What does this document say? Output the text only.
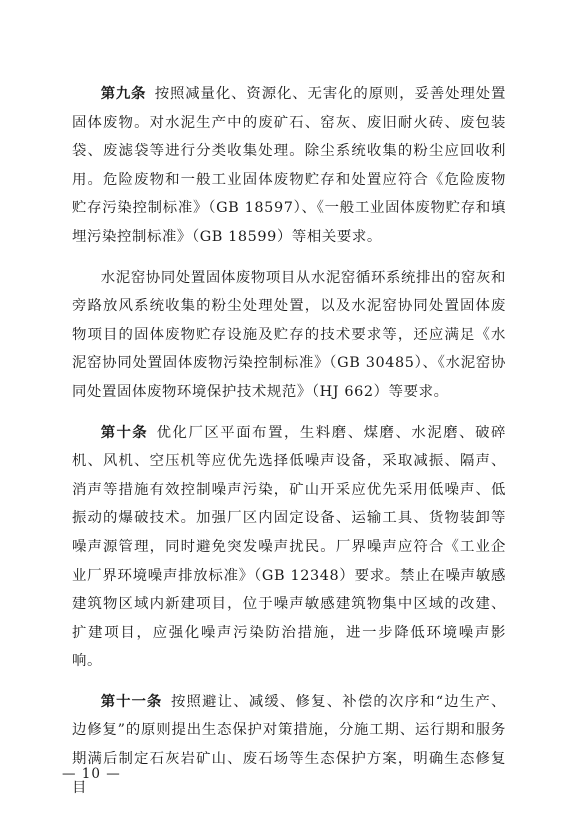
第九条 按照减量化、资源化、无害化的原则，妥善处理处置固体废物。对水泥生产中的废矿石、窑灰、废旧耐火砖、废包装袋、废滤袋等进行分类收集处理。除尘系统收集的粉尘应回收利用。危险废物和一般工业固体废物贮存和处置应符合《危险废物贮存污染控制标准》（GB 18597）、《一般工业固体废物贮存和填埋污染控制标准》（GB 18599）等相关要求。

水泥窑协同处置固体废物项目从水泥窑循环系统排出的窑灰和旁路放风系统收集的粉尘处理处置，以及水泥窑协同处置固体废物项目的固体废物贮存设施及贮存的技术要求等，还应满足《水泥窑协同处置固体废物污染控制标准》（GB 30485）、《水泥窑协同处置固体废物环境保护技术规范》（HJ 662）等要求。

第十条 优化厂区平面布置，生料磨、煤磨、水泥磨、破碎机、风机、空压机等应优先选择低噪声设备，采取减振、隔声、消声等措施有效控制噪声污染，矿山开采应优先采用低噪声、低振动的爆破技术。加强厂区内固定设备、运输工具、货物装卸等噪声源管理，同时避免突发噪声扰民。厂界噪声应符合《工业企业厂界环境噪声排放标准》（GB 12348）要求。禁止在噪声敏感建筑物区域内新建项目，位于噪声敏感建筑物集中区域的改建、扩建项目，应强化噪声污染防治措施，进一步降低环境噪声影响。

第十一条 按照避让、减缓、修复、补偿的次序和“边生产、边修复”的原则提出生态保护对策措施，分施工期、运行期和服务期满后制定石灰岩矿山、废石场等生态保护方案，明确生态修复目

— 10 —
